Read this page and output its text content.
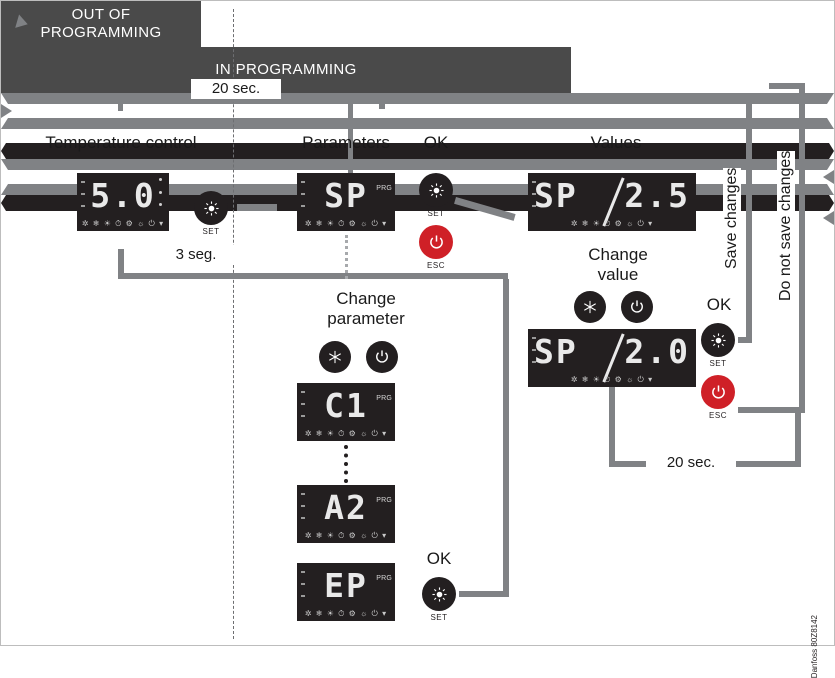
OUT OF
PROGRAMMING
IN PROGRAMMING
20 sec.
Temperature control
5.0
✲ ❄ ☀ ⏱ ⚙ ☼ ⏻ ▾
SET
3 seg.
Parameters
SP	PRG
✲ ❄ ☀ ⏱ ⚙ ☼ ⏻ ▾
OK
SET
ESC
Values
SP 2.5
✲ ❄ ☀ ⏱ ⚙ ☼ ⏻ ▾
Change
value
SP 2.0
✲ ❄ ☀ ⏱ ⚙ ☼ ⏻ ▾
OK
SET
ESC
Save changes Do not save changes
20 sec.
Change
parameter
C1	PRG
✲ ❄ ☀ ⏱ ⚙ ☼ ⏻ ▾
A2	PRG
✲ ❄ ☀ ⏱ ⚙ ☼ ⏻ ▾
EP	PRG
✲ ❄ ☀ ⏱ ⚙ ☼ ⏻ ▾
OK
SET
Danfoss 80Z8142
